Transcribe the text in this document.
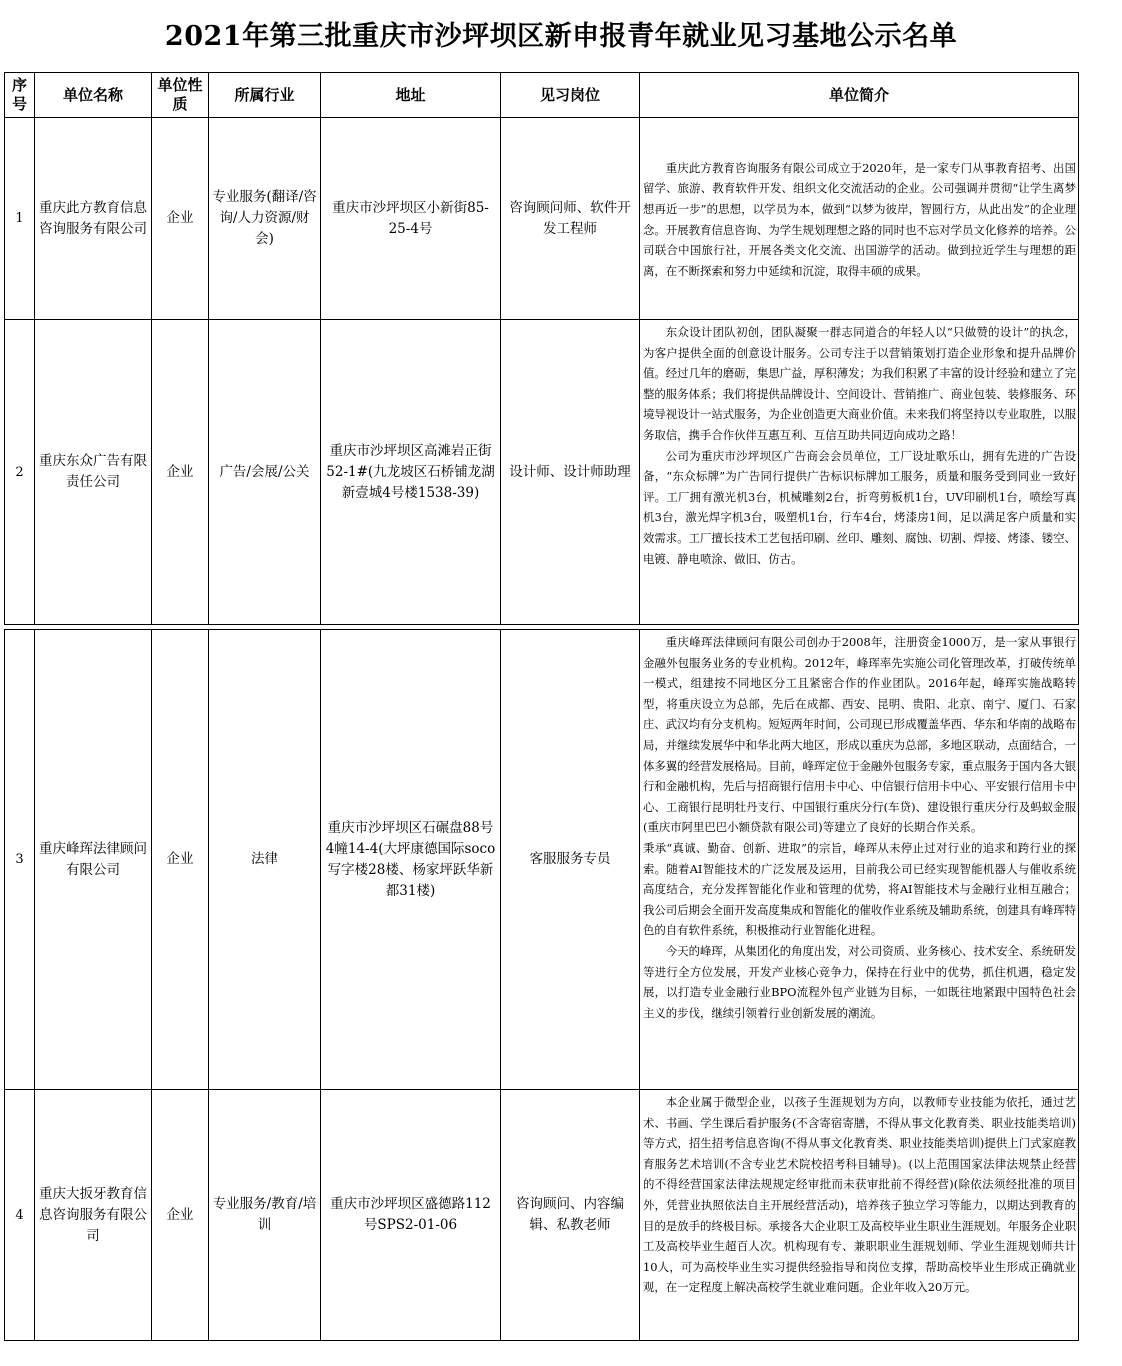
2021年第三批重庆市沙坪坝区新申报青年就业见习基地公示名单
序号	单位名称	单位性质	所属行业	地址	见习岗位	单位简介
1	重庆此方教育信息咨询服务有限公司	企业	专业服务(翻译/咨询/人力资源/财会)	重庆市沙坪坝区小新街85-25-4号	咨询顾问师、软件开发工程师	重庆此方教育咨询服务有限公司成立于2020年，是一家专门从事教育招考、出国留学、旅游、教育软件开发、组织文化交流活动的企业。公司强调并贯彻“让学生离梦想再近一步”的思想，以学员为本，做到“以梦为彼岸，智圆行方，从此出发”的企业理念。开展教育信息咨询、为学生规划理想之路的同时也不忘对学员文化修养的培养。公司联合中国旅行社，开展各类文化交流、出国游学的活动。做到拉近学生与理想的距离，在不断探索和努力中延续和沉淀，取得丰硕的成果。

2	重庆东众广告有限责任公司	企业	广告/会展/公关	重庆市沙坪坝区高滩岩正街52-1#(九龙坡区石桥铺龙湖新壹城4号楼1538-39)	设计师、设计师助理	东众设计团队初创，团队凝聚一群志同道合的年轻人以“只做赞的设计”的执念，为客户提供全面的创意设计服务。公司专注于以营销策划打造企业形象和提升品牌价值。经过几年的磨砺，集思广益，厚积薄发；为我们积累了丰富的设计经验和建立了完整的服务体系；我们将提供品牌设计、空间设计、营销推广、商业包装、装修服务、环境导视设计一站式服务，为企业创造更大商业价值。未来我们将坚持以专业取胜，以服务取信，携手合作伙伴互惠互利、互信互助共同迈向成功之路！

公司为重庆市沙坪坝区广告商会会员单位，工厂设址歌乐山，拥有先进的广告设备，“东众标牌”为广告同行提供广告标识标牌加工服务，质量和服务受到同业一致好评。工厂拥有激光机3台，机械雕刻2台，折弯剪板机1台，UV印刷机1台，喷绘写真机3台，激光焊字机3台，吸塑机1台，行车4台，烤漆房1间，足以满足客户质量和实效需求。工厂擅长技术工艺包括印刷、丝印、雕刻、腐蚀、切割、焊接、烤漆、镂空、电镀、静电喷涂、做旧、仿古。

3	重庆峰珲法律顾问有限公司	企业	法律	重庆市沙坪坝区石碾盘88号4幢14-4(大坪康德国际soco写字楼28楼、杨家坪跃华新都31楼)	客服服务专员	重庆峰珲法律顾问有限公司创办于2008年，注册资金1000万，是一家从事银行金融外包服务业务的专业机构。2012年，峰珲率先实施公司化管理改革，打破传统单一模式，组建按不同地区分工且紧密合作的作业团队。2016年起，峰珲实施战略转型，将重庆设立为总部，先后在成都、西安、昆明、贵阳、北京、南宁、厦门、石家庄、武汉均有分支机构。短短两年时间，公司现已形成覆盖华西、华东和华南的战略布局，并继续发展华中和华北两大地区，形成以重庆为总部，多地区联动，点面结合，一体多翼的经营发展格局。目前，峰珲定位于金融外包服务专家，重点服务于国内各大银行和金融机构，先后与招商银行信用卡中心、中信银行信用卡中心、平安银行信用卡中心、工商银行昆明牡丹支行、中国银行重庆分行(车贷)、建设银行重庆分行及蚂蚁金服(重庆市阿里巴巴小额贷款有限公司)等建立了良好的长期合作关系。

秉承“真诚、勤奋、创新、进取”的宗旨，峰珲从未停止过对行业的追求和跨行业的探索。随着AI智能技术的广泛发展及运用，目前我公司已经实现智能机器人与催收系统高度结合，充分发挥智能化作业和管理的优势，将AI智能技术与金融行业相互融合；我公司后期会全面开发高度集成和智能化的催收作业系统及辅助系统，创建具有峰珲特色的自有软件系统，积极推动行业智能化进程。

今天的峰珲，从集团化的角度出发，对公司资质、业务核心、技术安全、系统研发等进行全方位发展，开发产业核心竞争力，保持在行业中的优势，抓住机遇，稳定发展，以打造专业金融行业BPO流程外包产业链为目标，一如既往地紧跟中国特色社会主义的步伐，继续引领着行业创新发展的潮流。

4	重庆大扳牙教育信息咨询服务有限公司	企业	专业服务/教育/培训	重庆市沙坪坝区盛德路112号SPS2-01-06	咨询顾问、内容编辑、私教老师	本企业属于微型企业，以孩子生涯规划为方向，以教师专业技能为依托，通过艺术、书画、学生课后看护服务(不含寄宿寄膳，不得从事文化教育类、职业技能类培训)等方式，招生招考信息咨询(不得从事文化教育类、职业技能类培训)提供上门式家庭教育服务艺术培训(不含专业艺术院校招考科目辅导)。(以上范围国家法律法规禁止经营的不得经营国家法律法规规定经审批而未获审批前不得经营)(除依法须经批准的项目外，凭营业执照依法自主开展经营活动)，培养孩子独立学习等能力，以期达到教育的目的是放手的终极目标。承接各大企业职工及高校毕业生职业生涯规划。年服务企业职工及高校毕业生超百人次。机构现有专、兼职职业生涯规划师、学业生涯规划师共计10人，可为高校毕业生实习提供经验指导和岗位支撑，帮助高校毕业生形成正确就业观，在一定程度上解决高校学生就业难问题。企业年收入20万元。
